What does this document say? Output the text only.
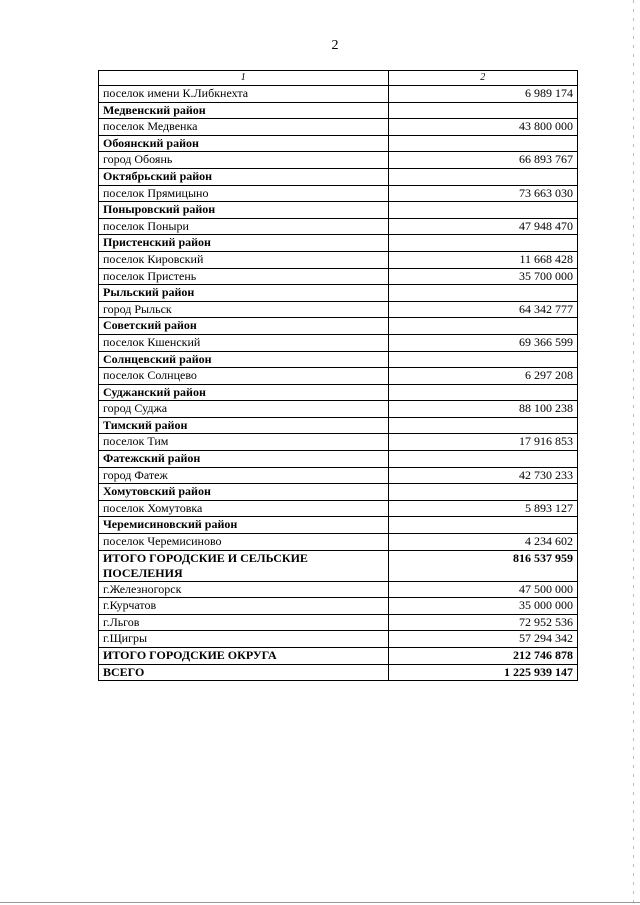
2
1	2
поселок имени К.Либкнехта	6 989 174
Медвенский район	
поселок Медвенка	43 800 000
Обоянский район	
город Обоянь	66 893 767
Октябрьский район	
поселок Прямицыно	73 663 030
Поныровский район	
поселок Поныри	47 948 470
Пристенский район	
поселок Кировский	11 668 428
поселок Пристень	35 700 000
Рыльский район	
город Рыльск	64 342 777
Советский район	
поселок Кшенский	69 366 599
Солнцевский район	
поселок Солнцево	6 297 208
Суджанский район	
город Суджа	88 100 238
Тимский район	
поселок Тим	17 916 853
Фатежский район	
город Фатеж	42 730 233
Хомутовский район	
поселок Хомутовка	5 893 127
Черемисиновский район	
поселок Черемисиново	4 234 602
ИТОГО ГОРОДСКИЕ И СЕЛЬСКИЕ ПОСЕЛЕНИЯ	816 537 959
г.Железногорск	47 500 000
г.Курчатов	35 000 000
г.Льгов	72 952 536
г.Щигры	57 294 342
ИТОГО ГОРОДСКИЕ ОКРУГА	212 746 878
ВСЕГО	1 225 939 147
